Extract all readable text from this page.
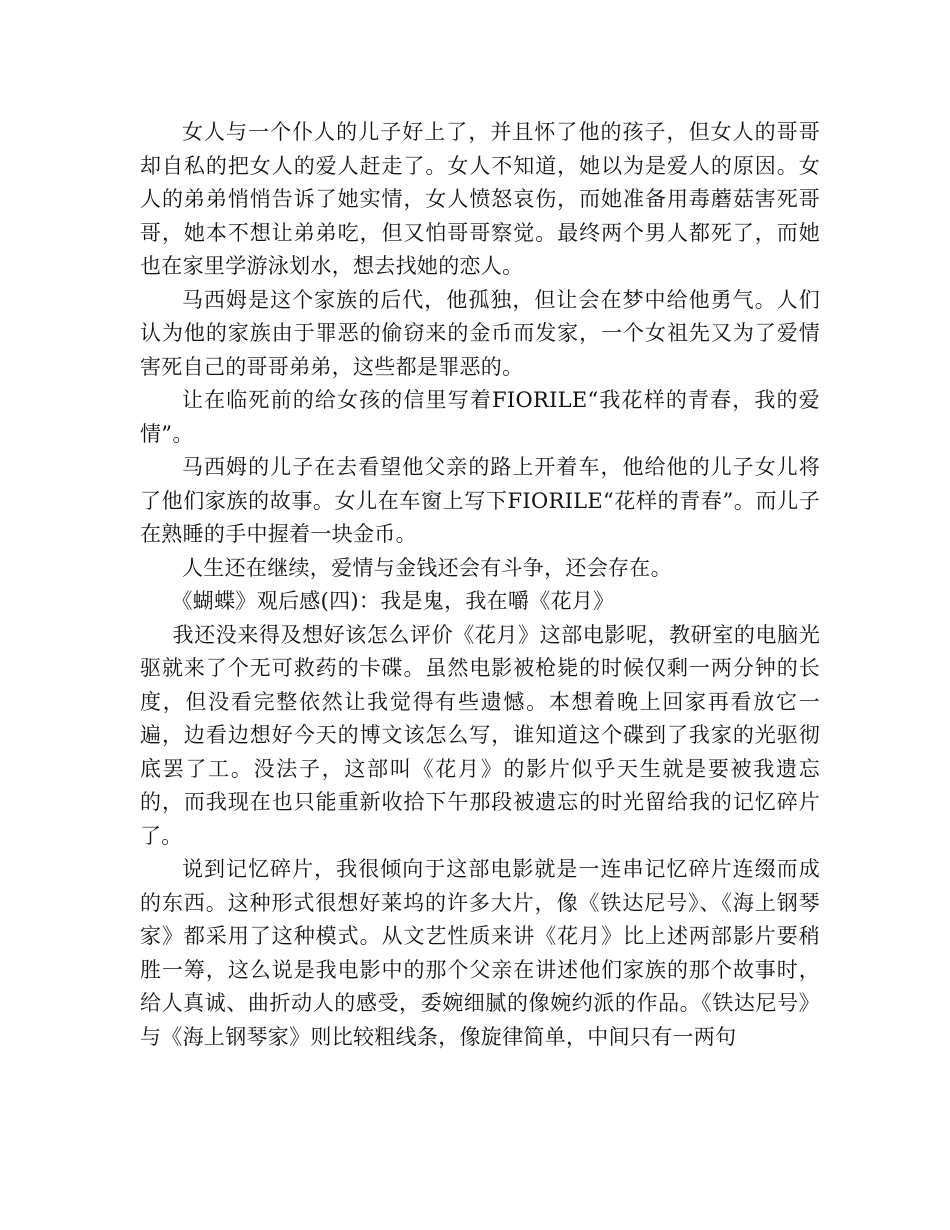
女人与一个仆人的儿子好上了，并且怀了他的孩子，但女人的哥哥却自私的把女人的爱人赶走了。女人不知道，她以为是爱人的原因。女人的弟弟悄悄告诉了她实情，女人愤怒哀伤，而她准备用毒蘑菇害死哥哥，她本不想让弟弟吃，但又怕哥哥察觉。最终两个男人都死了，而她也在家里学游泳划水，想去找她的恋人。

马西姆是这个家族的后代，他孤独，但让会在梦中给他勇气。人们认为他的家族由于罪恶的偷窃来的金币而发家，一个女祖先又为了爱情害死自己的哥哥弟弟，这些都是罪恶的。

让在临死前的给女孩的信里写着FIORILE“我花样的青春，我的爱情”。

马西姆的儿子在去看望他父亲的路上开着车，他给他的儿子女儿将了他们家族的故事。女儿在车窗上写下FIORILE“花样的青春”。而儿子在熟睡的手中握着一块金币。

人生还在继续，爱情与金钱还会有斗争，还会存在。

《蝴蝶》观后感(四)：我是鬼，我在嚼《花月》

我还没来得及想好该怎么评价《花月》这部电影呢，教研室的电脑光驱就来了个无可救药的卡碟。虽然电影被枪毙的时候仅剩一两分钟的长度，但没看完整依然让我觉得有些遗憾。本想着晚上回家再看放它一遍，边看边想好今天的博文该怎么写，谁知道这个碟到了我家的光驱彻底罢了工。没法子，这部叫《花月》的影片似乎天生就是要被我遗忘的，而我现在也只能重新收拾下午那段被遗忘的时光留给我的记忆碎片了。

说到记忆碎片，我很倾向于这部电影就是一连串记忆碎片连缀而成的东西。这种形式很想好莱坞的许多大片，像《铁达尼号》、《海上钢琴家》都采用了这种模式。从文艺性质来讲《花月》比上述两部影片要稍胜一筹，这么说是我电影中的那个父亲在讲述他们家族的那个故事时，给人真诚、曲折动人的感受，委婉细腻的像婉约派的作品。《铁达尼号》与《海上钢琴家》则比较粗线条，像旋律简单，中间只有一两句
